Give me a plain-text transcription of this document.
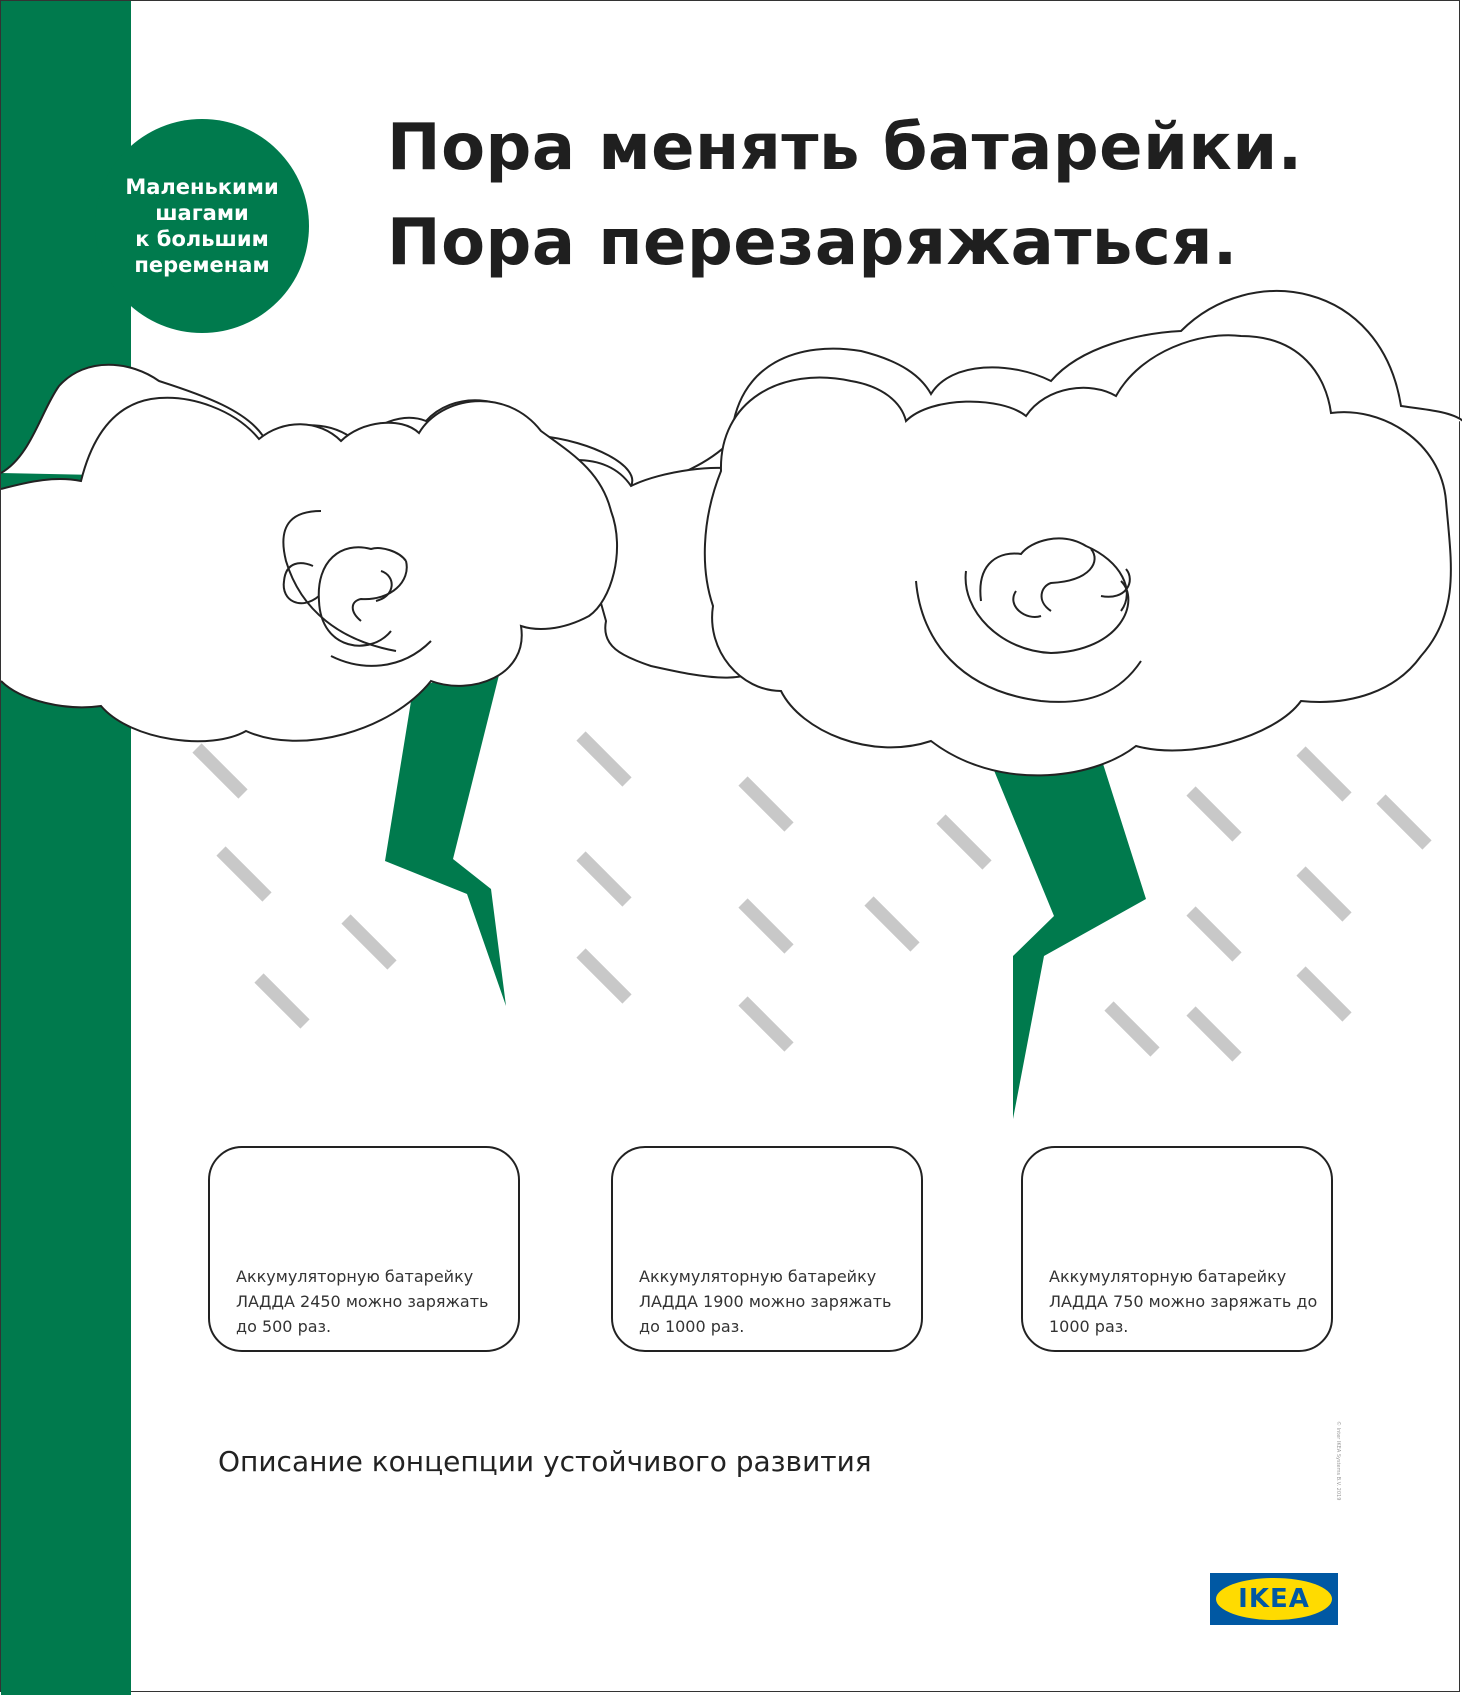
Маленькими
шагами
к большим
переменам
Пора менять батарейки.
Пора перезаряжаться.

Аккумуляторную батарейку ЛАДДА 2450 можно заряжать до 500 раз.

Аккумуляторную батарейку ЛАДДА 1900 можно заряжать до 1000 раз.

Аккумуляторную батарейку ЛАДДА 750 можно заряжать до 1000 раз.

Описание концепции устойчивого развития	© Inter IKEA Systems B.V. 2019
IKEA
